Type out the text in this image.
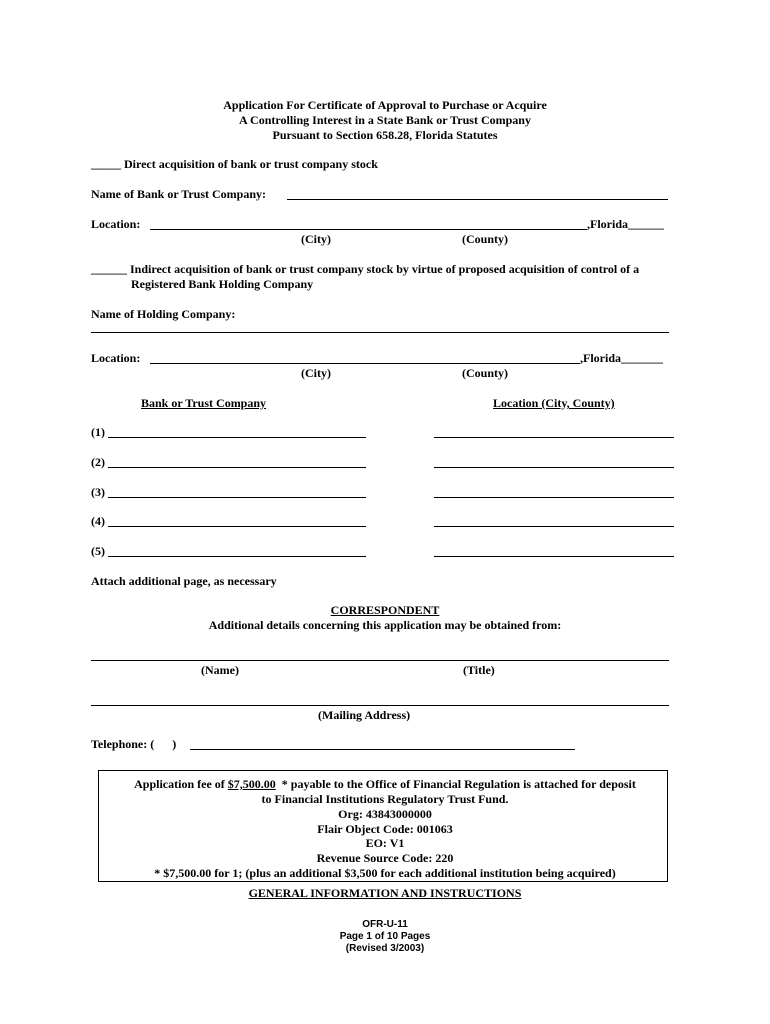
Application For Certificate of Approval to Purchase or Acquire
A Controlling Interest in a State Bank or Trust Company
Pursuant to Section 658.28, Florida Statutes
_____ Direct acquisition of bank or trust company stock
Name of Bank or Trust Company:
Location:	,Florida______
(City)	(County)
______ Indirect acquisition of bank or trust company stock by virtue of proposed acquisition of control of a
Registered Bank Holding Company
Name of Holding Company:
Location:	,Florida_______
(City)	(County)
Bank or Trust Company	Location (City, County)
(1)
(2)
(3)
(4)
(5)
Attach additional page, as necessary
CORRESPONDENT
Additional details concerning this application may be obtained from:
(Name)	(Title)
(Mailing Address)
Telephone: (      )
Application fee of $7,500.00  * payable to the Office of Financial Regulation is attached for deposit
to Financial Institutions Regulatory Trust Fund.
Org: 43843000000
Flair Object Code: 001063
EO: V1
Revenue Source Code: 220
* $7,500.00 for 1; (plus an additional $3,500 for each additional institution being acquired)
GENERAL INFORMATION AND INSTRUCTIONS
OFR-U-11
Page 1 of 10 Pages
(Revised 3/2003)
